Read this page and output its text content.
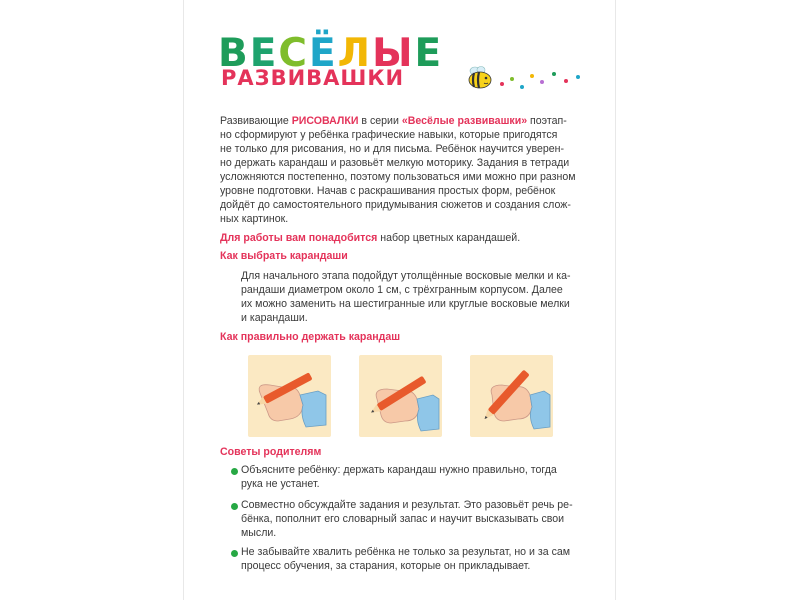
ВЕСЁЛЫЕ
РАЗВИВАШКИ
Развивающие РИСОВАЛКИ в серии «Весёлые развивашки» поэтап-
но сформируют у ребёнка графические навыки, которые пригодятся
не только для рисования, но и для письма. Ребёнок научится уверен-
но держать карандаш и разовьёт мелкую моторику. Задания в тетради
усложняются постепенно, поэтому пользоваться ими можно при разном
уровне подготовки. Начав с раскрашивания простых форм, ребёнок
дойдёт до самостоятельного придумывания сюжетов и создания слож-
ных картинок.
Для работы вам понадобится набор цветных карандашей.
Как выбрать карандаши
Для начального этапа подойдут утолщённые восковые мелки и ка-
рандаши диаметром около 1 см, с трёхгранным корпусом. Далее
их можно заменить на шестигранные или круглые восковые мелки
и карандаши.
Как правильно держать карандаш
Советы родителям
Объясните ребёнку: держать карандаш нужно правильно, тогда
рука не устанет.
Совместно обсуждайте задания и результат. Это разовьёт речь ре-
бёнка, пополнит его словарный запас и научит высказывать свои
мысли.
Не забывайте хвалить ребёнка не только за результат, но и за сам
процесс обучения, за старания, которые он прикладывает.
